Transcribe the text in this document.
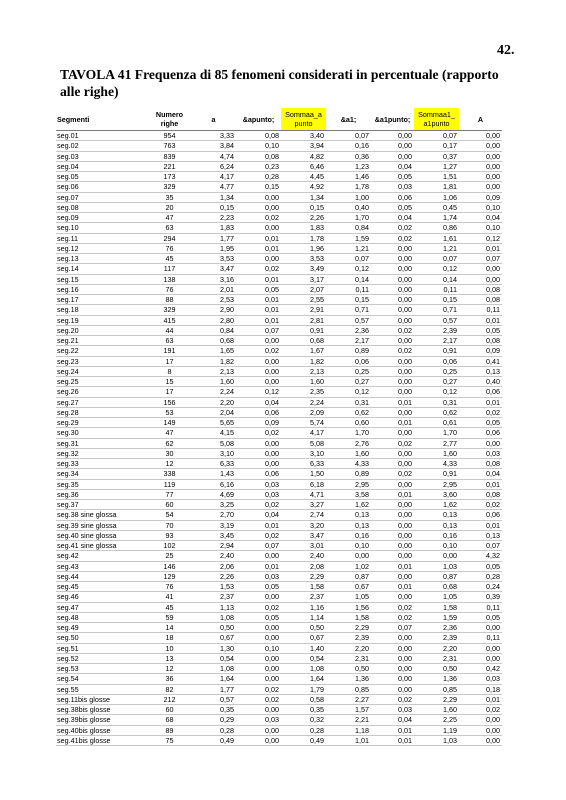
42.
TAVOLA 41 Frequenza di 85 fenomeni considerati in percentuale (rapporto alle righe)
Segmenti	Numero righe	a	&apunto;	Sommaa_a punto	&a1;	&a1punto;	Sommaa1_ a1punto	A
seg.01	954	3,33	0,08	3,40	0,07	0,00	0,07	0,00
seg.02	763	3,84	0,10	3,94	0,16	0,00	0,17	0,00
seg.03	839	4,74	0,08	4,82	0,36	0,00	0,37	0,00
seg.04	221	6,24	0,23	6,46	1,23	0,04	1,27	0,00
seg.05	173	4,17	0,28	4,45	1,46	0,05	1,51	0,00
seg.06	329	4,77	0,15	4,92	1,78	0,03	1,81	0,00
seg.07	35	1,34	0,00	1,34	1,00	0,06	1,06	0,09
seg.08	20	0,15	0,00	0,15	0,40	0,05	0,45	0,10
seg.09	47	2,23	0,02	2,26	1,70	0,04	1,74	0,04
seg.10	63	1,83	0,00	1,83	0,84	0,02	0,86	0,10
seg.11	294	1,77	0,01	1,78	1,59	0,02	1,61	0,12
seg.12	76	1,95	0,01	1,96	1,21	0,00	1,21	0,01
seg.13	45	3,53	0,00	3,53	0,07	0,00	0,07	0,07
seg.14	117	3,47	0,02	3,49	0,12	0,00	0,12	0,00
seg.15	138	3,16	0,01	3,17	0,14	0,00	0,14	0,00
seg.16	76	2,01	0,05	2,07	0,11	0,00	0,11	0,08
seg.17	88	2,53	0,01	2,55	0,15	0,00	0,15	0,08
seg.18	329	2,90	0,01	2,91	0,71	0,00	0,71	0,11
seg.19	415	2,80	0,01	2,81	0,57	0,00	0,57	0,01
seg.20	44	0,84	0,07	0,91	2,36	0,02	2,39	0,05
seg.21	63	0,68	0,00	0,68	2,17	0,00	2,17	0,08
seg.22	191	1,65	0,02	1,67	0,89	0,02	0,91	0,09
seg.23	17	1,82	0,00	1,82	0,06	0,00	0,06	0,41
seg.24	8	2,13	0,00	2,13	0,25	0,00	0,25	0,13
seg.25	15	1,60	0,00	1,60	0,27	0,00	0,27	0,40
seg.26	17	2,24	0,12	2,35	0,12	0,00	0,12	0,06
seg.27	156	2,20	0,04	2,24	0,31	0,01	0,31	0,01
seg.28	53	2,04	0,06	2,09	0,62	0,00	0,62	0,02
seg.29	149	5,65	0,09	5,74	0,60	0,01	0,61	0,05
seg.30	47	4,15	0,02	4,17	1,70	0,00	1,70	0,06
seg.31	62	5,08	0,00	5,08	2,76	0,02	2,77	0,00
seg.32	30	3,10	0,00	3,10	1,60	0,00	1,60	0,03
seg.33	12	6,33	0,00	6,33	4,33	0,00	4,33	0,08
seg.34	338	1,43	0,06	1,50	0,89	0,02	0,91	0,04
seg.35	119	6,16	0,03	6,18	2,95	0,00	2,95	0,01
seg.36	77	4,69	0,03	4,71	3,58	0,01	3,60	0,08
seg.37	60	3,25	0,02	3,27	1,62	0,00	1,62	0,02
seg.38 sine glossa	54	2,70	0,04	2,74	0,13	0,00	0,13	0,06
seg.39 sine glossa	70	3,19	0,01	3,20	0,13	0,00	0,13	0,01
seg.40 sine glossa	93	3,45	0,02	3,47	0,16	0,00	0,16	0,13
seg.41 sine glossa	102	2,94	0,07	3,01	0,10	0,00	0,10	0,07
seg.42	25	2,40	0,00	2,40	0,00	0,00	0,00	4,32
seg.43	146	2,06	0,01	2,08	1,02	0,01	1,03	0,05
seg.44	129	2,26	0,03	2,29	0,87	0,00	0,87	0,28
seg.45	76	1,53	0,05	1,58	0,67	0,01	0,68	0,24
seg.46	41	2,37	0,00	2,37	1,05	0,00	1,05	0,39
seg.47	45	1,13	0,02	1,16	1,56	0,02	1,58	0,11
seg.48	59	1,08	0,05	1,14	1,58	0,02	1,59	0,05
seg.49	14	0,50	0,00	0,50	2,29	0,07	2,36	0,00
seg.50	18	0,67	0,00	0,67	2,39	0,00	2,39	0,11
seg.51	10	1,30	0,10	1,40	2,20	0,00	2,20	0,00
seg.52	13	0,54	0,00	0,54	2,31	0,00	2,31	0,00
seg.53	12	1,08	0,00	1,08	0,50	0,00	0,50	0,42
seg.54	36	1,64	0,00	1,64	1,36	0,00	1,36	0,03
seg.55	82	1,77	0,02	1,79	0,85	0,00	0,85	0,18
seg.11bis glosse	212	0,57	0,02	0,58	2,27	0,02	2,29	0,01
seg.38bis glosse	60	0,35	0,00	0,35	1,57	0,03	1,60	0,02
seg.39bis glosse	68	0,29	0,03	0,32	2,21	0,04	2,25	0,00
seg.40bis glosse	89	0,28	0,00	0,28	1,18	0,01	1,19	0,00
seg.41bis glosse	75	0,49	0,00	0,49	1,01	0,01	1,03	0,00
